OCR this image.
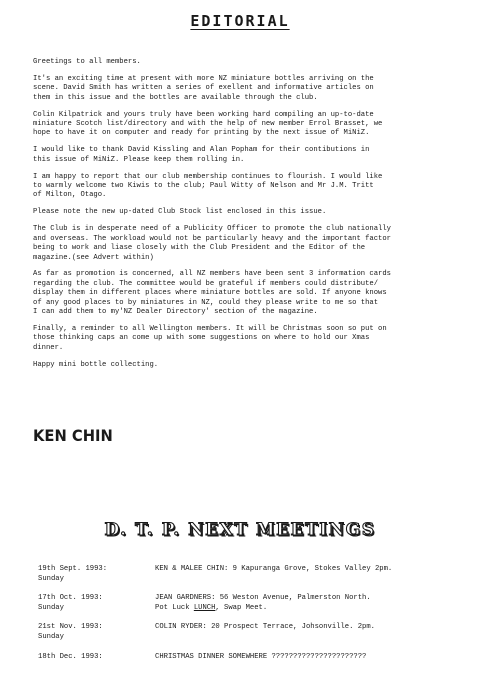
EDITORIAL

Greetings to all members.

It's an exciting time at present with more NZ miniature bottles arriving on the
scene. David Smith has written a series of exellent and informative articles on
them in this issue and the bottles are available through the club.

Colin Kilpatrick and yours truly have been working hard compiling an up-to-date
miniature Scotch list/directory and with the help of new member Errol Brasset, we
hope to have it on computer and ready for printing by the next issue of MiNiZ.

I would like to thank David Kissling and Alan Popham for their contibutions in
this issue of MiNiZ. Please keep them rolling in.

I am happy to report that our club membership continues to flourish. I would like
to warmly welcome two Kiwis to the club; Paul Witty of Nelson and Mr J.M. Tritt
of Milton, Otago.

Please note the new up-dated Club Stock list enclosed in this issue.

The Club is in desperate need of a Publicity Officer to promote the club nationally
and overseas. The workload would not be particularly heavy and the important factor
being to work and liase closely with the Club President and the Editor of the
magazine.(see Advert within)

As far as promotion is concerned, all NZ members have been sent 3 information cards
regarding the club. The committee would be grateful if members could distribute/
display them in different places where miniature bottles are sold. If anyone knows
of any good places to by miniatures in NZ, could they please write to me so that
I can add them to my'NZ Dealer Directory' section of the magazine.

Finally, a reminder to all Wellington members. It will be Christmas soon so put on
those thinking caps an come up with some suggestions on where to hold our Xmas
dinner.

Happy mini bottle collecting.

KEN CHIN
D. T. P. NEXT MEETINGS
19th Sept. 1993:
Sunday
KEN & MALEE CHIN: 9 Kapuranga Grove, Stokes Valley 2pm.
17th Oct. 1993:
Sunday
JEAN GARDNERS: 56 Weston Avenue, Palmerston North.
Pot Luck LUNCH, Swap Meet.
21st Nov. 1993:
Sunday
COLIN RYDER: 20 Prospect Terrace, Johsonville. 2pm.
18th Dec. 1993:	CHRISTMAS DINNER SOMEWHERE ??????????????????????
